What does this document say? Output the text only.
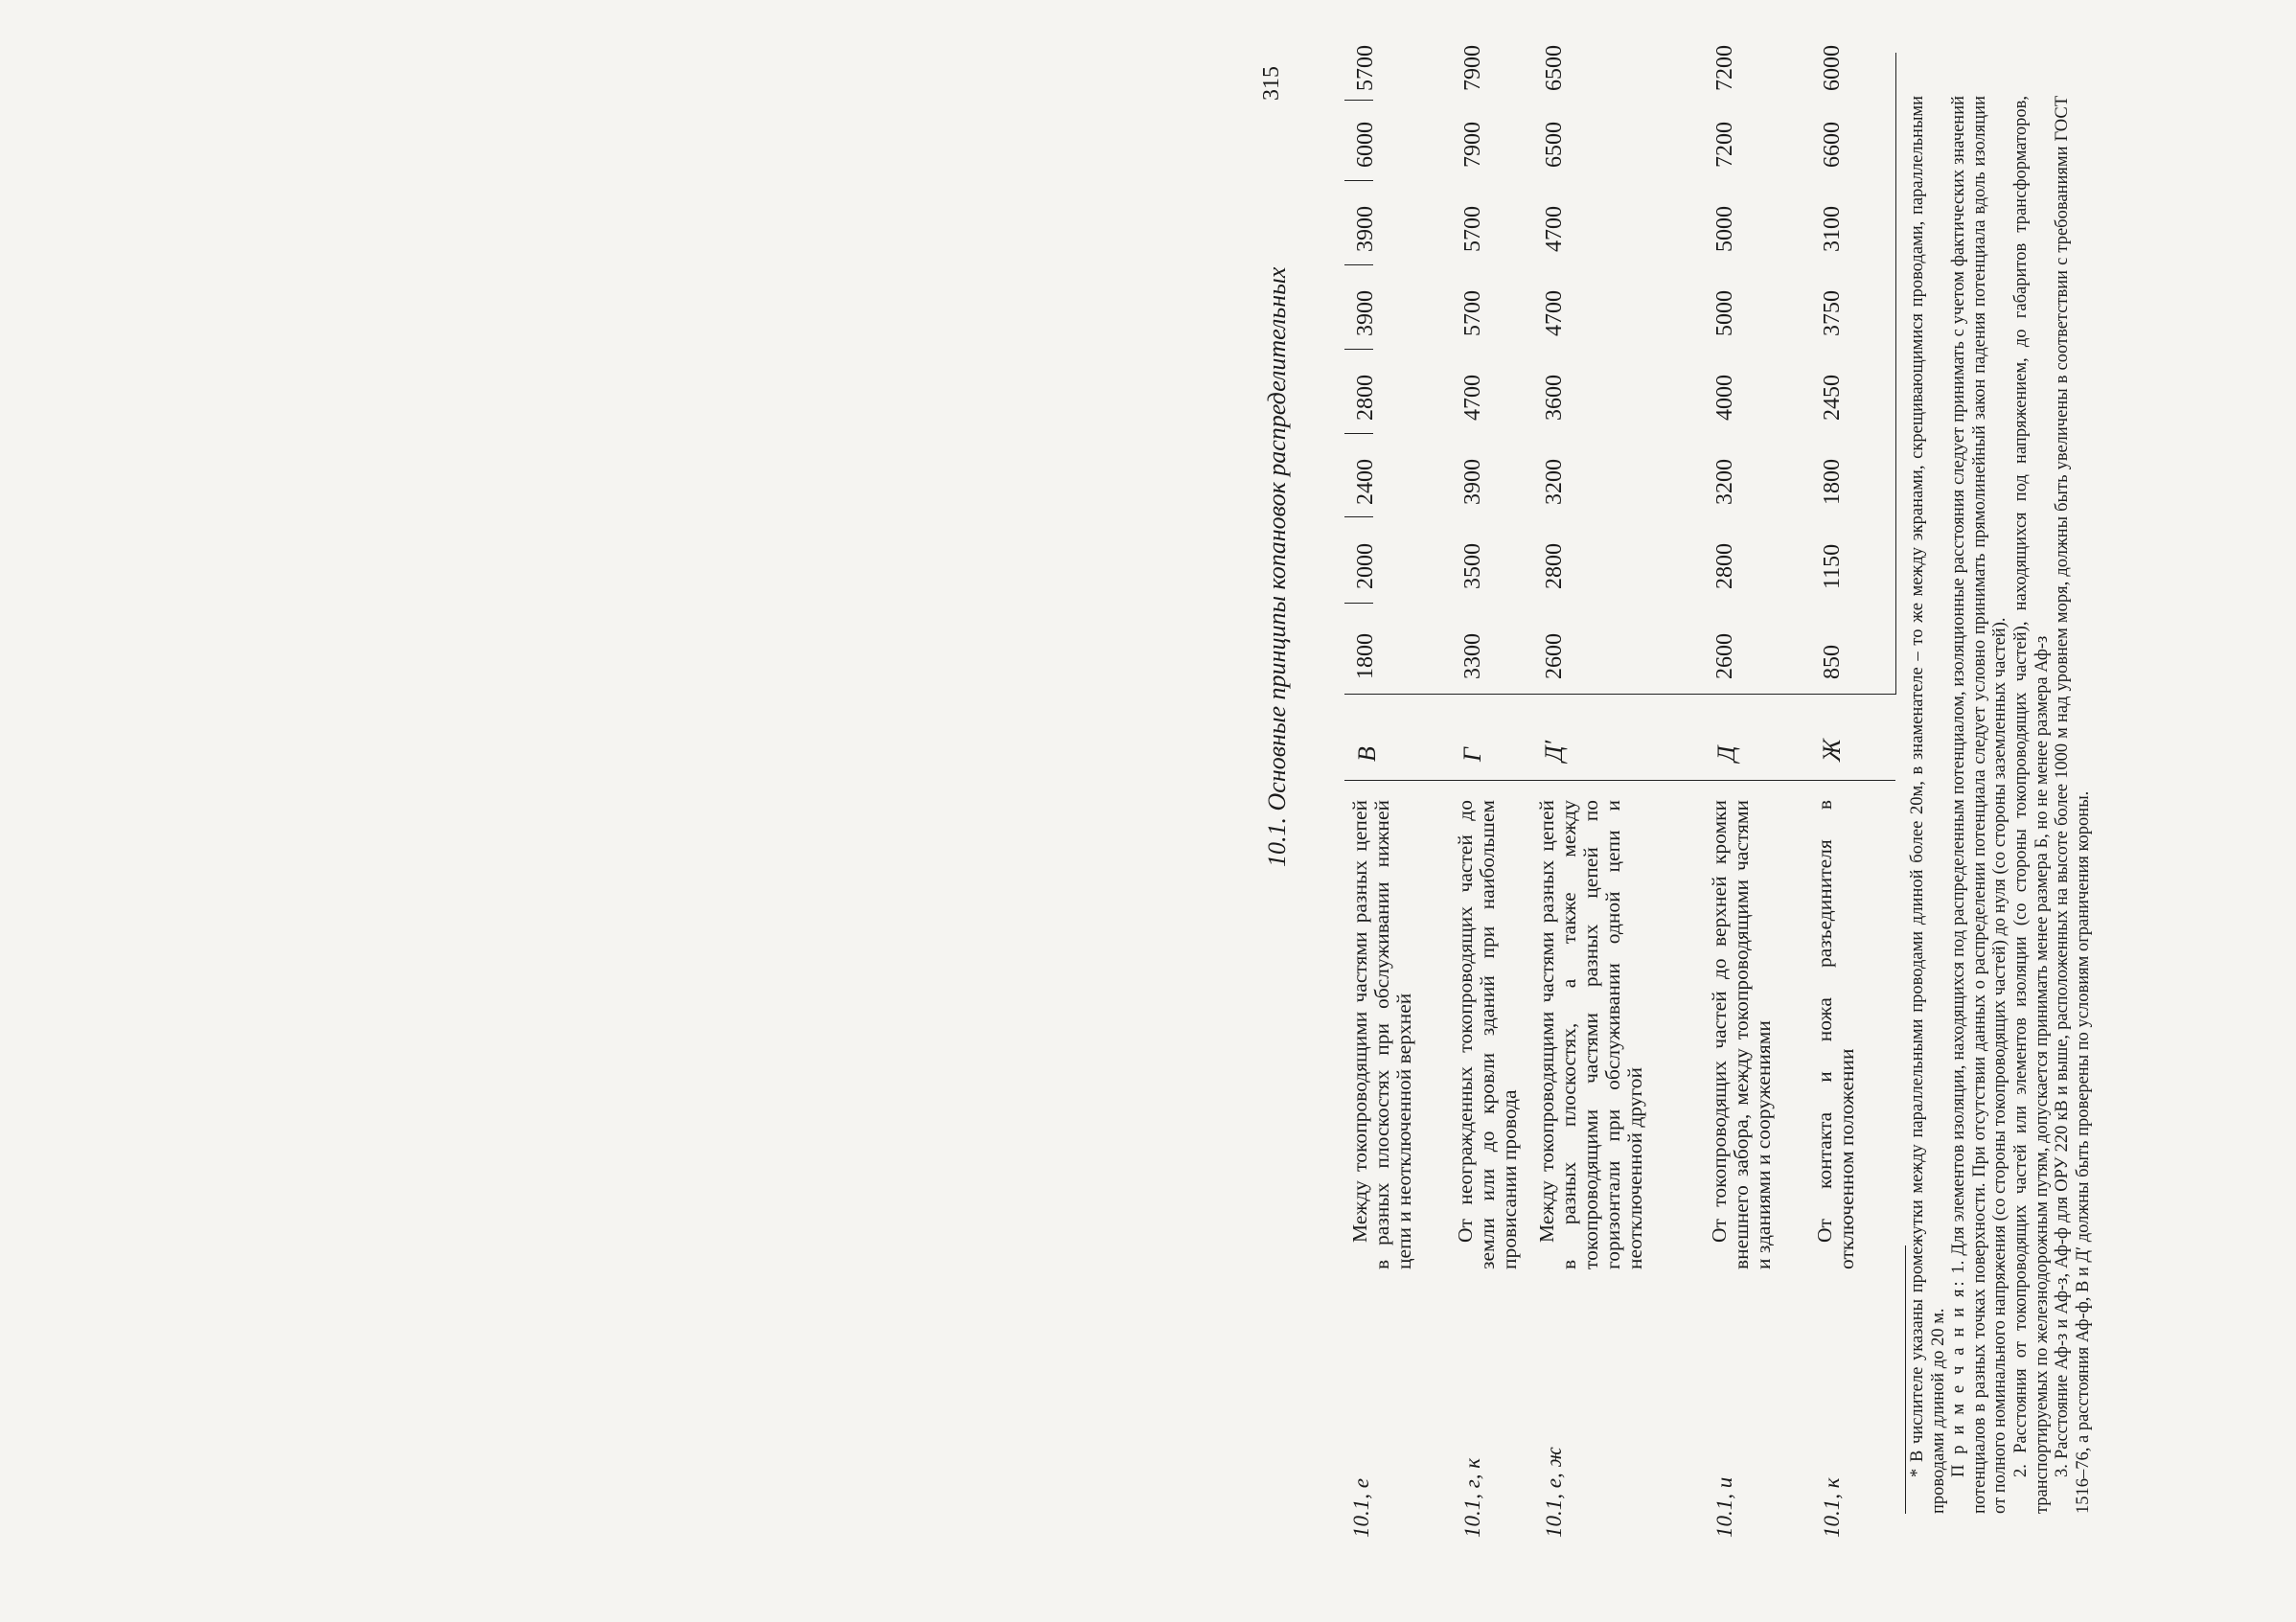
10.1, е
Между токопроводящими частями разных цепей в разных плоскостях при обслуживании нижней цепи и неотключенной верхней
В
1800
2000
2400
2800
3900
3900
6000
5700
10.1, г, к
От неогражденных токопроводящих частей до земли или до кровли зданий при наибольшем провисании провода
Г
3300
3500
3900
4700
5700
5700
7900
7900
10.1, е, ж
Между токопроводящими частями разных цепей в разных плоскостях, а также между токопроводящими частями разных цепей по горизонтали при обслуживании одной цепи и неотключенной другой
Д′
2600
2800
3200
3600
4700
4700
6500
6500
10.1, и
От токопроводящих частей до верхней кромки внешнего забора, между токопроводящими частями и зданиями и сооружениями
Д
2600
2800
3200
4000
5000
5000
7200
7200
10.1, к
От контакта и ножа разъединителя в отключенном положении
Ж
850
1150
1800
2450
3750
3100
6600
6000

* В числителе указаны промежутки между параллельными проводами длиной более 20м, в знаменателе – то же между экранами, скрещивающимися проводами, параллельными проводами длиной до 20 м. П р и м е ч а н и я: 1. Для элементов изоляции, находящихся под распределенным потенциалом, изоляционные расстояния следует принимать с учетом фактических значений потенциалов в разных точках поверхности. При отсутствии данных о распределении потенциала следует условно принимать прямолинейный закон падения потенциала вдоль изоляции от полного номинального напряжения (со стороны токопроводящих частей) до нуля (со стороны заземленных частей). 2. Расстояния от токопроводящих частей или элементов изоляции (со стороны токопроводящих частей), находящихся под напряжением, до габаритов трансформаторов, транспортируемых по железнодорожным путям, допускается принимать менее размера Б, но не менее размера Аф-з 3. Расстояние Аф-з и Аф-з, Аф-ф для ОРУ 220 кВ и выше, расположенных на высоте более 1000 м над уровнем моря, должны быть увеличены в соответствии с требованиями ГОСТ 1516–76, а расстояния Аф-ф, В и Д′ должны быть проверены по условиям ограничения короны.

10.1. Основные принципы копановок распределительных
315
